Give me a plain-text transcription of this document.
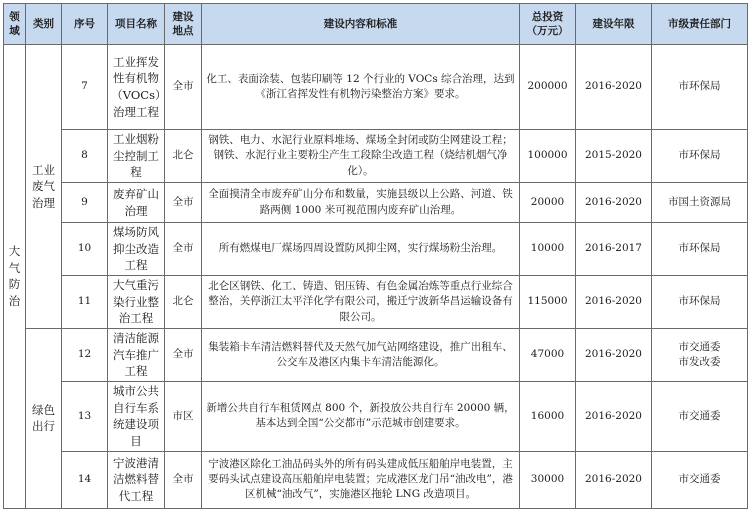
领域	类别	序号	项目名称	建设地点	建设内容和标准	总投资（万元）	建设年限	市级责任部门
大气防治	工业废气治理	7	工业挥发性有机物（VOCs）治理工程	全市	化工、表面涂装、包装印刷等 12 个行业的 VOCs 综合治理，达到《浙江省挥发性有机物污染整治方案》要求。	200000	2016-2020	市环保局

		8	工业烟粉尘控制工程	北仑	钢铁、电力、水泥行业原料堆场、煤场全封闭或防尘网建设工程；钢铁、水泥行业主要粉尘产生工段除尘改造工程（烧结机烟气净化）。	100000	2015-2020	市环保局

		9	废弃矿山治理	全市	全面摸清全市废弃矿山分布和数量，实施县级以上公路、河道、铁路两侧 1000 米可视范围内废弃矿山治理。	20000	2016-2020	市国土资源局

		10	煤场防风抑尘改造工程	全市	所有燃煤电厂煤场四周设置防风抑尘网，实行煤场粉尘治理。	10000	2016-2017	市环保局

		11	大气重污染行业整治工程	北仑	北仑区钢铁、化工、铸造、铝压铸、有色金属冶炼等重点行业综合整治，关停浙江太平洋化学有限公司，搬迁宁波新华昌运输设备有限公司。	115000	2016-2020	市环保局

	绿色出行	12	清洁能源汽车推广工程	全市	集装箱卡车清洁燃料替代及天然气加气站网络建设，推广出租车、公交车及港区内集卡车清洁能源化。	47000	2016-2020	市交通委
市发改委

		13	城市公共自行车系统建设项目	市区	新增公共自行车租赁网点 800 个，新投放公共自行车 20000 辆，基本达到全国“公交都市”示范城市创建要求。	16000	2016-2020	市交通委

		14	宁波港清洁燃料替代工程	全市	宁波港区除化工油品码头外的所有码头建成低压船舶岸电装置，主要码头试点建设高压船舶岸电装置；完成港区龙门吊“油改电”，港区机械“油改气”，实施港区拖轮 LNG 改造项目。	30000	2016-2020	市交通委
